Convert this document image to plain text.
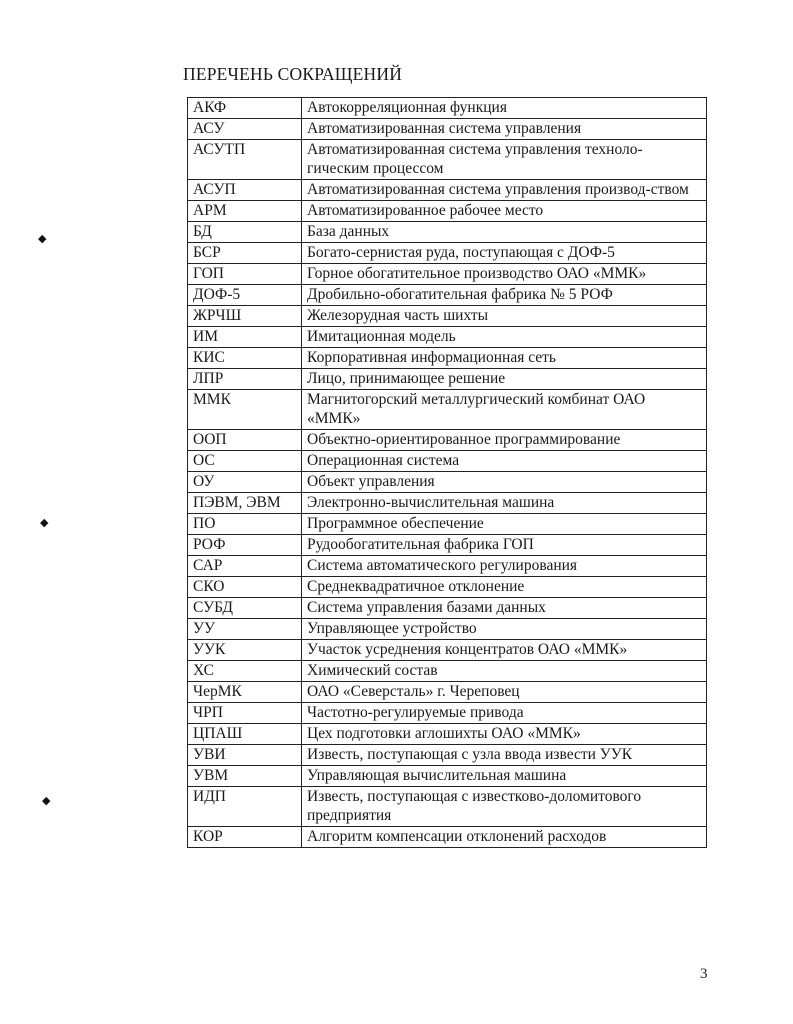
ПЕРЕЧЕНЬ СОКРАЩЕНИЙ
АКФ	Автокорреляционная функция
АСУ	Автоматизированная система управления
АСУТП	Автоматизированная система управления техноло-гическим процессом
АСУП	Автоматизированная система управления производ-ством
АРМ	Автоматизированное рабочее место
БД	База данных
БСР	Богато-сернистая руда, поступающая с ДОФ-5
ГОП	Горное обогатительное производство ОАО «ММК»
ДОФ-5	Дробильно-обогатительная фабрика № 5 РОФ
ЖРЧШ	Железорудная часть шихты
ИМ	Имитационная модель
КИС	Корпоративная информационная сеть
ЛПР	Лицо, принимающее решение
ММК	Магнитогорский металлургический комбинат ОАО «ММК»
ООП	Объектно-ориентированное программирование
ОС	Операционная система
ОУ	Объект управления
ПЭВМ, ЭВМ	Электронно-вычислительная машина
ПО	Программное обеспечение
РОФ	Рудообогатительная фабрика ГОП
САР	Система автоматического регулирования
СКО	Среднеквадратичное отклонение
СУБД	Система управления базами данных
УУ	Управляющее устройство
УУК	Участок усреднения концентратов ОАО «ММК»
ХС	Химический состав
ЧерМК	ОАО «Северсталь» г. Череповец
ЧРП	Частотно-регулируемые привода
ЦПАШ	Цех подготовки аглошихты ОАО «ММК»
УВИ	Известь, поступающая с узла ввода извести УУК
УВМ	Управляющая вычислительная машина
ИДП	Известь, поступающая с известково-доломитового предприятия
КОР	Алгоритм компенсации отклонений расходов
◆
◆
◆
3
